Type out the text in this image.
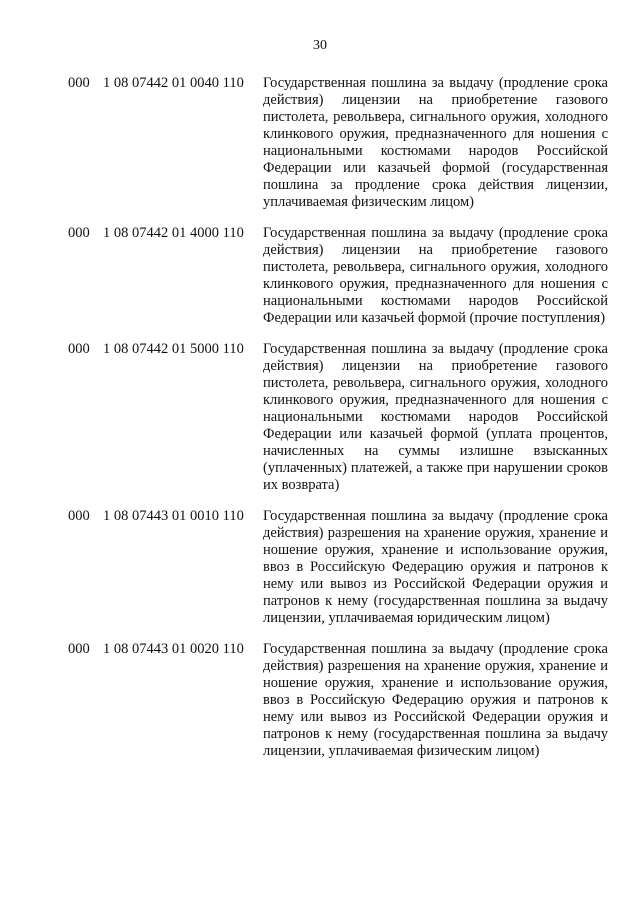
30
000 1 08 07442 01 0040 110	Государственная пошлина за выдачу (продление срока действия) лицензии на приобретение газового пистолета, револьвера, сигнального оружия, холодного клинкового оружия, предназначенного для ношения с национальными костюмами народов Российской Федерации или казачьей формой (государственная пошлина за продление срока действия лицензии, уплачиваемая физическим лицом)
000 1 08 07442 01 4000 110	Государственная пошлина за выдачу (продление срока действия) лицензии на приобретение газового пистолета, револьвера, сигнального оружия, холодного клинкового оружия, предназначенного для ношения с национальными костюмами народов Российской Федерации или казачьей формой (прочие поступления)
000 1 08 07442 01 5000 110	Государственная пошлина за выдачу (продление срока действия) лицензии на приобретение газового пистолета, револьвера, сигнального оружия, холодного клинкового оружия, предназначенного для ношения с национальными костюмами народов Российской Федерации или казачьей формой (уплата процентов, начисленных на суммы излишне взысканных (уплаченных) платежей, а также при нарушении сроков их возврата)
000 1 08 07443 01 0010 110	Государственная пошлина за выдачу (продление срока действия) разрешения на хранение оружия, хранение и ношение оружия, хранение и использование оружия, ввоз в Российскую Федерацию оружия и патронов к нему или вывоз из Российской Федерации оружия и патронов к нему (государственная пошлина за выдачу лицензии, уплачиваемая юридическим лицом)
000 1 08 07443 01 0020 110	Государственная пошлина за выдачу (продление срока действия) разрешения на хранение оружия, хранение и ношение оружия, хранение и использование оружия, ввоз в Российскую Федерацию оружия и патронов к нему или вывоз из Российской Федерации оружия и патронов к нему (государственная пошлина за выдачу лицензии, уплачиваемая физическим лицом)
